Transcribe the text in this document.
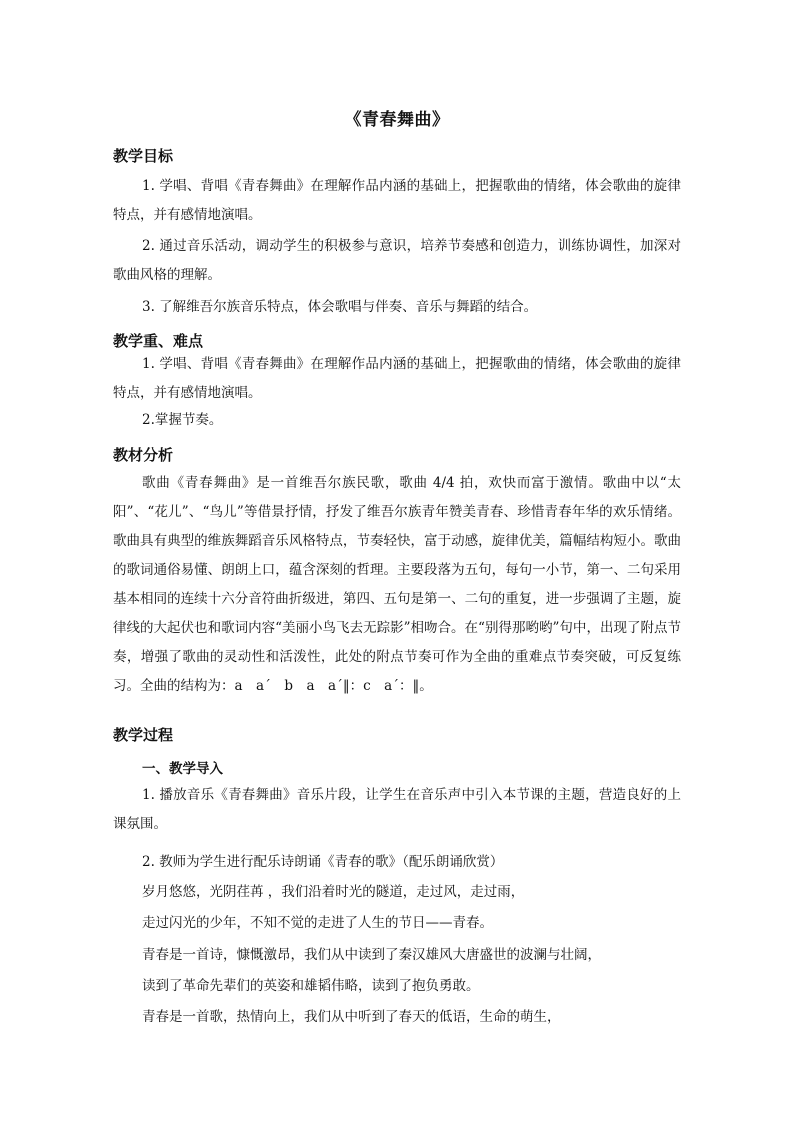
《青春舞曲》
教学目标

1. 学唱、背唱《青春舞曲》在理解作品内涵的基础上，把握歌曲的情绪，体会歌曲的旋律特点，并有感情地演唱。

2. 通过音乐活动，调动学生的积极参与意识，培养节奏感和创造力，训练协调性，加深对歌曲风格的理解。

3. 了解维吾尔族音乐特点，体会歌唱与伴奏、音乐与舞蹈的结合。

教学重、难点

1. 学唱、背唱《青春舞曲》在理解作品内涵的基础上，把握歌曲的情绪，体会歌曲的旋律特点，并有感情地演唱。

2.掌握节奏。

教材分析

歌曲《青春舞曲》是一首维吾尔族民歌，歌曲 4/4 拍，欢快而富于激情。歌曲中以“太阳”、“花儿”、“鸟儿”等借景抒情，抒发了维吾尔族青年赞美青春、珍惜青春年华的欢乐情绪。歌曲具有典型的维族舞蹈音乐风格特点，节奏轻快，富于动感，旋律优美，篇幅结构短小。歌曲的歌词通俗易懂、朗朗上口，蕴含深刻的哲理。主要段落为五句，每句一小节，第一、二句采用基本相同的连续十六分音符曲折级进，第四、五句是第一、二句的重复，进一步强调了主题，旋律线的大起伏也和歌词内容“美丽小鸟飞去无踪影”相吻合。在“别得那哟哟”句中，出现了附点节奏，增强了歌曲的灵动性和活泼性，此处的附点节奏可作为全曲的重难点节奏突破，可反复练习。全曲的结构为：a　a΄　b　a　a΄‖：c　a΄：‖。

教学过程
一、教学导入

1. 播放音乐《青春舞曲》音乐片段，让学生在音乐声中引入本节课的主题，营造良好的上课氛围。

2. 教师为学生进行配乐诗朗诵《青春的歌》（配乐朗诵欣赏）

岁月悠悠，光阴荏苒 ，我们沿着时光的隧道，走过风，走过雨，

走过闪光的少年，不知不觉的走进了人生的节日——青春。

青春是一首诗，慷慨激昂，我们从中读到了秦汉雄风大唐盛世的波澜与壮阔，

读到了革命先辈们的英姿和雄韬伟略，读到了抱负勇敢。

青春是一首歌，热情向上，我们从中听到了春天的低语，生命的萌生，
